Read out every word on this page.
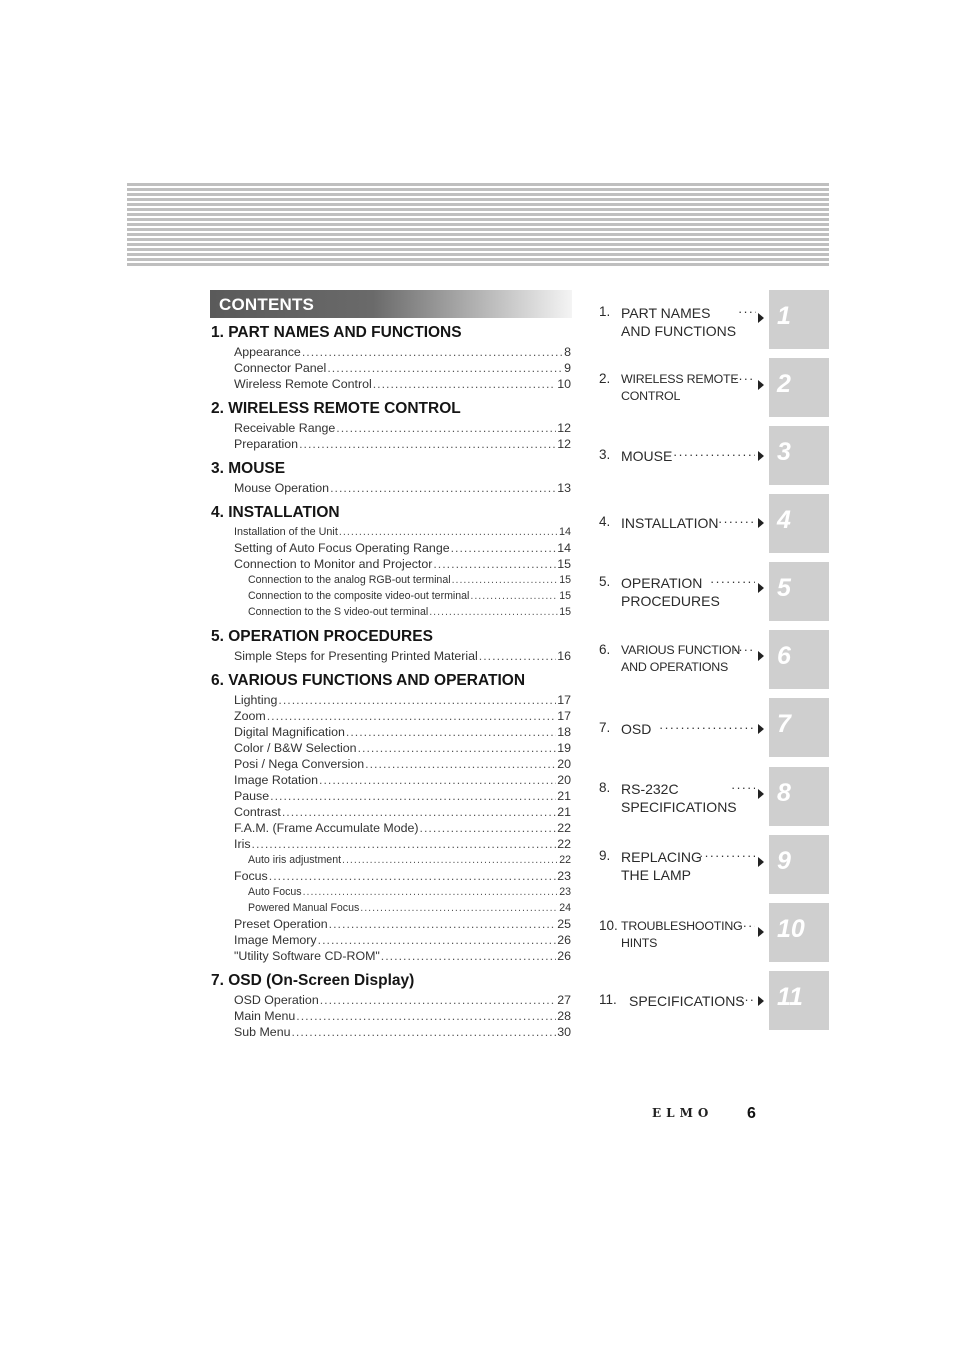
CONTENTS
1. PART NAMES AND FUNCTIONS
Appearance .....	8
Connector Panel .....	9
Wireless Remote Control .....	10
2. WIRELESS REMOTE CONTROL
Receivable Range .....	12
Preparation .....	12
3. MOUSE
Mouse Operation .....	13
4. INSTALLATION
Installation of the Unit .....	14
Setting of Auto Focus Operating Range .....	14
Connection to Monitor and Projector .....	15
Connection to the analog RGB-out terminal .....	15
Connection to the composite video-out terminal .....	15
Connection to the S video-out terminal .....	15
5. OPERATION PROCEDURES
Simple Steps for Presenting Printed Material .....	16
6. VARIOUS FUNCTIONS AND OPERATION
Lighting .....	17
Zoom .....	17
Digital Magnification .....	18
Color / B&W Selection .....	19
Posi / Nega Conversion .....	20
Image Rotation .....	20
Pause .....	21
Contrast .....	21
F.A.M. (Frame Accumulate Mode) .....	22
Iris .....	22
Auto iris adjustment .....	22
Focus .....	23
Auto Focus .....	23
Powered Manual Focus .....	24
Preset Operation .....	25
Image Memory .....	26
"Utility Software CD-ROM" .....	26
7. OSD (On-Screen Display)
OSD Operation .....	27
Main Menu .....	28
Sub Menu .....	30
1. PART NAMES
AND FUNCTIONS
·····
1
2. WIRELESS REMOTE
CONTROL ·····	2
3. MOUSE ·····	3
4. INSTALLATION ····· 4
5. OPERATION
PROCEDURES ····· 5
6. VARIOUS FUNCTION
AND OPERATIONS ·····	6
7. OSD ·····	7
8. RS-232C
SPECIFICATIONS ····· 8
9. REPLACING
THE LAMP ·····	9
10. TROUBLESHOOTING
HINTS ·····	10
11. SPECIFICATIONS ····· 11
ELMO 6
